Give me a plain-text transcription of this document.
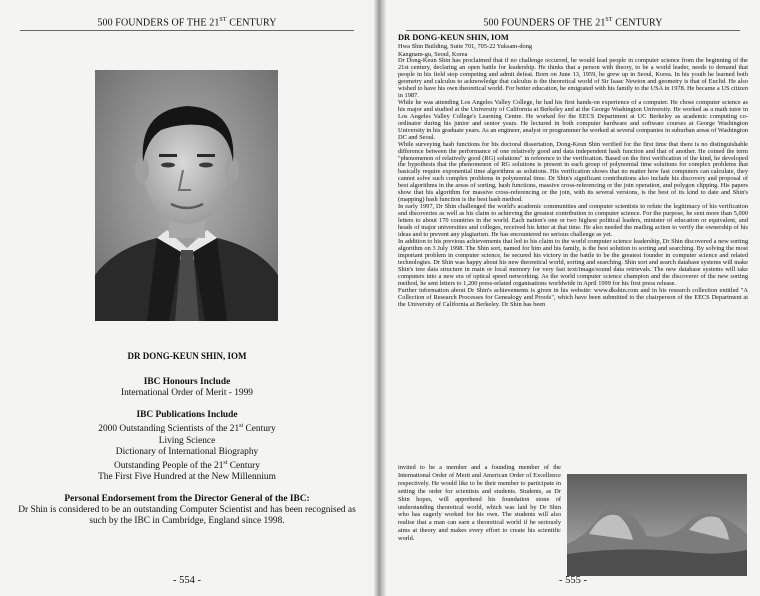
500 FOUNDERS OF THE 21ST CENTURY
DR DONG-KEUN SHIN, IOM
IBC Honours Include
International Order of Merit - 1999
IBC Publications Include
2000 Outstanding Scientists of the 21st Century
Living Science
Dictionary of International Biography
Outstanding People of the 21st Century
The First Five Hundred at the New Millennium
Personal Endorsement from the Director General of the IBC:
Dr Shin is considered to be an outstanding Computer Scientist and has been recognised as
such by the IBC in Cambridge, England since 1998.
- 554 -
500 FOUNDERS OF THE 21ST CENTURY
DR DONG-KEUN SHIN, IOM
Hwa Shin Building, Suite 701, 705-22 Yuksam-dong
Kangnam-gu, Seoul, Korea

Dr Dong-Keun Shin has proclaimed that if no challenge occurred, he would lead people in computer science from the beginning of the 21st century, declaring an open battle for leadership. He thinks that a person with theory, to be a world leader, needs to demand that people in his field stop competing and admit defeat. Born on June 13, 1959, he grew up in Seoul, Korea. In his youth he learned both geometry and calculus to acknowledge that calculus is the theoretical world of Sir Isaac Newton and geometry is that of Euclid. He also wished to have his own theoretical world. For better education, he emigrated with his family to the USA in 1978. He became a US citizen in 1987.

While he was attending Los Angeles Valley College, he had his first hands-on experience of a computer. He chose computer science as his major and studied at the University of California at Berkeley and at the George Washington University. He worked as a math tutor in Los Angeles Valley College's Learning Centre. He worked for the EECS Department at UC Berkeley as academic computing co-ordinator during his junior and senior years. He lectured in both computer hardware and software courses at George Washington University in his graduate years. As an engineer, analyst or programmer he worked at several companies in suburban areas of Washington DC and Seoul.

While surveying hash functions for his doctoral dissertation, Dong-Keun Shin verified for the first time that there is no distinguishable difference between the performance of one relatively good and data independent hash function and that of another. He coined the term "phenomenon of relatively good (RG) solutions" in reference to the verification. Based on the first verification of the kind, he developed the hypothesis that the phenomenon of RG solutions is present in each group of polynomial time solutions for complex problems that basically require exponential time algorithms as solutions. His verification shows that no matter how fast computers can calculate, they cannot solve such complex problems in polynomial time. Dr Shin's significant contributions also include his discovery and proposal of best algorithms in the areas of sorting, hash functions, massive cross-referencing or the join operation, and polygon clipping. His papers show that his algorithm for massive cross-referencing or the join, with its several versions, is the best of its kind to date and Shin's (mapping) hash function is the best hash method.

In early 1997, Dr Shin challenged the world's academic communities and computer scientists to refute the legitimacy of his verification and discoveries as well as his claim to achieving the greatest contribution to computer science. For the purpose, he sent more than 5,000 letters to about 170 countries in the world. Each nation's one or two highest political leaders, minister of education or equivalent, and heads of major universities and colleges, received his letter at that time. He also needed the mailing action to verify the ownership of his ideas and to prevent any plagiarism. He has encountered no serious challenge as yet.

In addition to his previous achievements that led to his claim to the world computer science leadership, Dr Shin discovered a new sorting algorithm on 3 July 1998. The Shin sort, named for him and his family, is the best solution to sorting and searching. By solving the most important problem in computer science, he secured his victory in the battle to be the greatest founder in computer science and related technologies. Dr Shin was happy about his new theoretical world, sorting and searching. Shin sort and search database systems will make Shin's tree data structure in main or local memory for very fast text/image/sound data retrievals. The new database systems will take computers into a new era of optical speed networking. As the world computer science champion and the discoverer of the new sorting method, he sent letters to 1,200 press-related organisations worldwide in April 1999 for his first press release.

Further information about Dr Shin's achievements is given in his website: www.dkshin.com and in his research collection entitled "A Collection of Research Processes for Genealogy and Proofs", which have been submitted to the chairperson of the EECS Department at the University of California at Berkeley. Dr Shin has been

invited to be a member and a founding member of the International Order of Merit and American Order of Excellence respectively. He would like to be their member to participate in setting the order for scientists and students. Students, as Dr Shin hopes, will apprehend his foundation stone of understanding theoretical world, which was laid by Dr Shin who has eagerly worked for his own. The students will also realise that a man can earn a theoretical world if he seriously aims at theory and makes every effort to create his scientific world.

- 555 -
